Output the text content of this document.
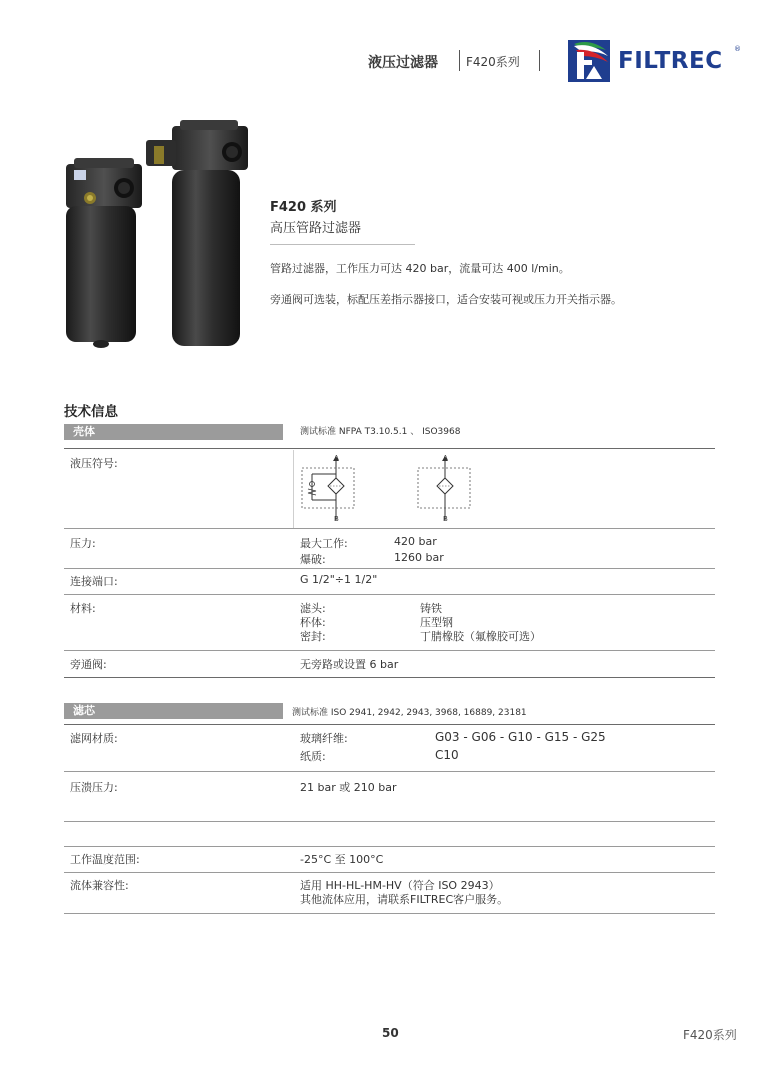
液压过滤器 F420系列	FILTREC ®
F420 系列
高压管路过滤器
管路过滤器，工作压力可达 420 bar，流量可达 400 l/min。
旁通阀可选装，标配压差指示器接口，适合安装可视或压力开关指示器。
技术信息
壳体	测试标准 NFPA T3.10.5.1 、 ISO3968
液压符号:	A
B
A
B
压力:	最大工作:	420 bar
爆破:	1260 bar
连接端口:	G 1/2"÷1 1/2"
材料:	滤头:	铸铁
杯体:	压型钢
密封:	丁腈橡胶（氟橡胶可选）
旁通阀:	无旁路或设置 6 bar
滤芯	测试标准 ISO 2941, 2942, 2943, 3968, 16889, 23181
滤网材质:	玻璃纤维:	G03 - G06 - G10 - G15 - G25
纸质:	C10
压溃压力:	21 bar 或 210 bar
工作温度范围:	-25°C 至 100°C
流体兼容性:	适用 HH-HL-HM-HV（符合 ISO 2943）
其他流体应用，请联系FILTREC客户服务。
50	F420系列
